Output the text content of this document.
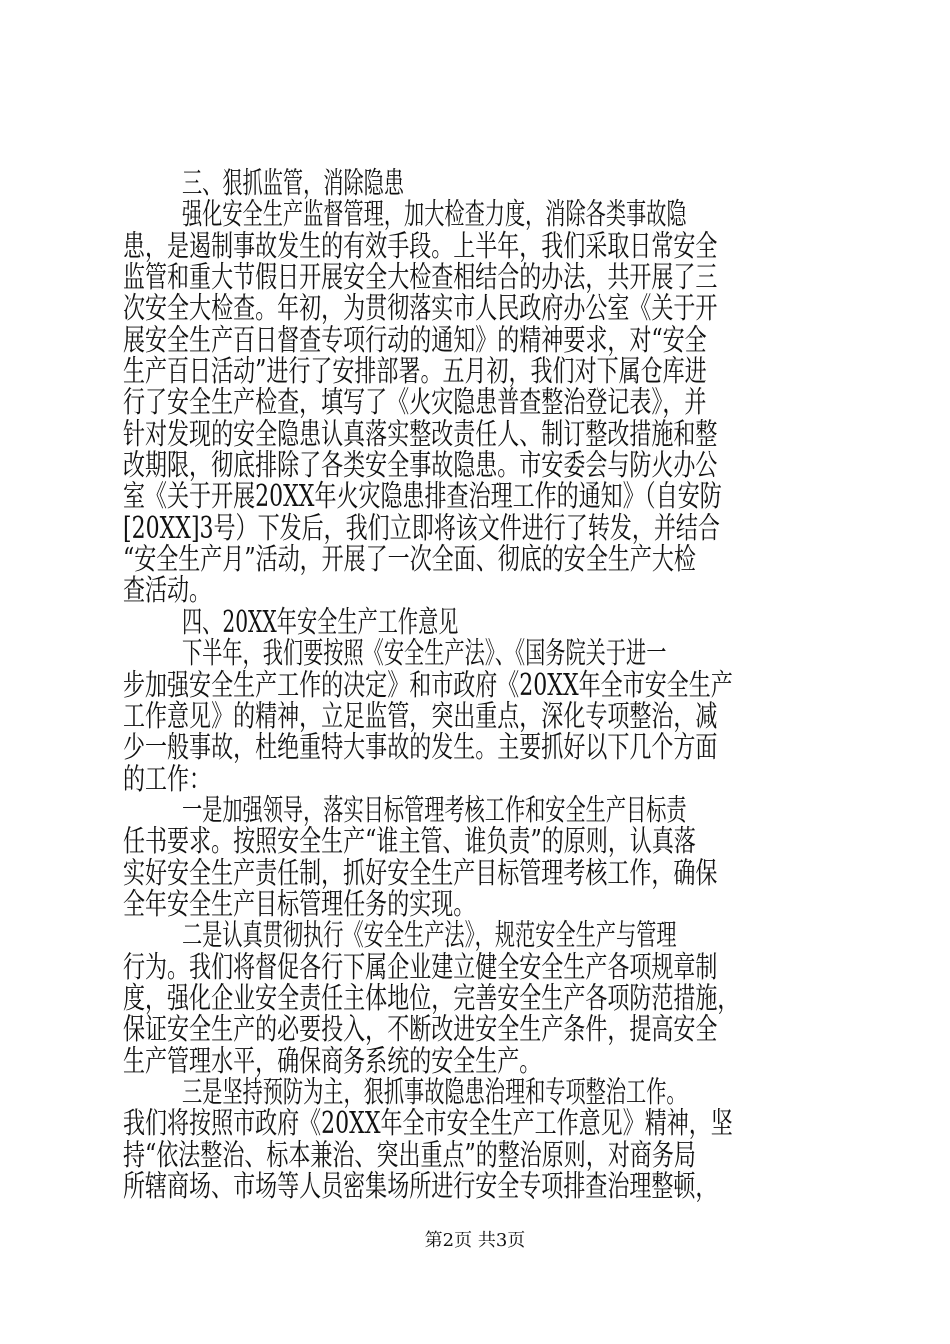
三、狠抓监管，消除隐患
强化安全生产监督管理，加大检查力度，消除各类事故隐
患，是遏制事故发生的有效手段。上半年，我们采取日常安全
监管和重大节假日开展安全大检查相结合的办法，共开展了三
次安全大检查。年初，为贯彻落实市人民政府办公室《关于开
展安全生产百日督查专项行动的通知》的精神要求，对“安全
生产百日活动”进行了安排部署。五月初，我们对下属仓库进
行了安全生产检查，填写了《火灾隐患普查整治登记表》，并
针对发现的安全隐患认真落实整改责任人、制订整改措施和整
改期限，彻底排除了各类安全事故隐患。市安委会与防火办公
室《关于开展20XX年火灾隐患排查治理工作的通知》（自安防
[20XX]3号）下发后，我们立即将该文件进行了转发，并结合
“安全生产月”活动，开展了一次全面、彻底的安全生产大检
查活动。
四、20XX年安全生产工作意见
下半年，我们要按照《安全生产法》、《国务院关于进一
步加强安全生产工作的决定》和市政府《20XX年全市安全生产
工作意见》的精神，立足监管，突出重点，深化专项整治，减
少一般事故，杜绝重特大事故的发生。主要抓好以下几个方面
的工作：
一是加强领导，落实目标管理考核工作和安全生产目标责
任书要求。按照安全生产“谁主管、谁负责”的原则，认真落
实好安全生产责任制，抓好安全生产目标管理考核工作，确保
全年安全生产目标管理任务的实现。
二是认真贯彻执行《安全生产法》，规范安全生产与管理
行为。我们将督促各行下属企业建立健全安全生产各项规章制
度，强化企业安全责任主体地位，完善安全生产各项防范措施，
保证安全生产的必要投入，不断改进安全生产条件，提高安全
生产管理水平，确保商务系统的安全生产。
三是坚持预防为主，狠抓事故隐患治理和专项整治工作。
我们将按照市政府《20XX年全市安全生产工作意见》精神，坚
持“依法整治、标本兼治、突出重点”的整治原则，对商务局
所辖商场、市场等人员密集场所进行安全专项排查治理整顿，
第2页 共3页
